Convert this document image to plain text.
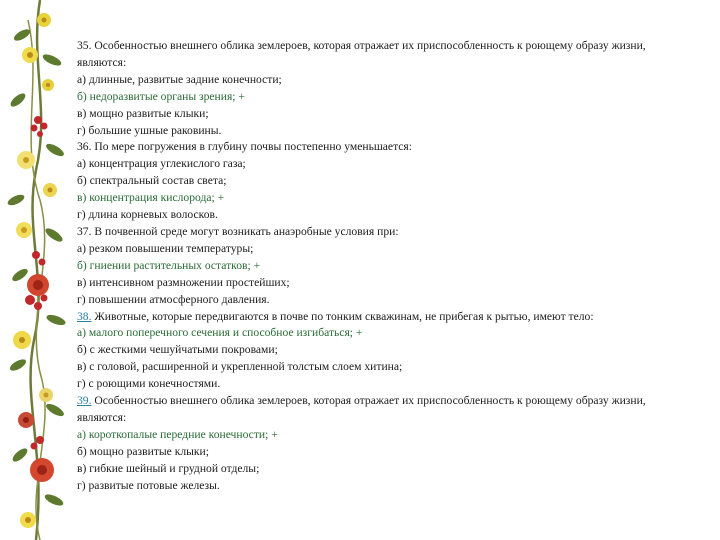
35. Особенностью внешнего облика землероев, которая отражает их приспособленность к роющему образу жизни, являются:

а) длинные, развитые задние конечности;

б) недоразвитые органы зрения; +

в) мощно развитые клыки;

г) большие ушные раковины.

36. По мере погружения в глубину почвы постепенно уменьшается:

а) концентрация углекислого газа;

б) спектральный состав света;

в) концентрация кислорода; +

г) длина корневых волосков.

37. В почвенной среде могут возникать анаэробные условия при:

а) резком повышении температуры;

б) гниении растительных остатков; +

в) интенсивном размножении простейших;

г) повышении атмосферного давления.

38. Животные, которые передвигаются в почве по тонким скважинам, не прибегая к рытью, имеют тело:

а) малого поперечного сечения и способное изгибаться; +

б) с жесткими чешуйчатыми покровами;

в) с головой, расширенной и укрепленной толстым слоем хитина;

г) с роющими конечностями.

39. Особенностью внешнего облика землероев, которая отражает их приспособленность к роющему образу жизни, являются:

а) короткопалые передние конечности; +

б) мощно развитые клыки;

в) гибкие шейный и грудной отделы;

г) развитые потовые железы.
